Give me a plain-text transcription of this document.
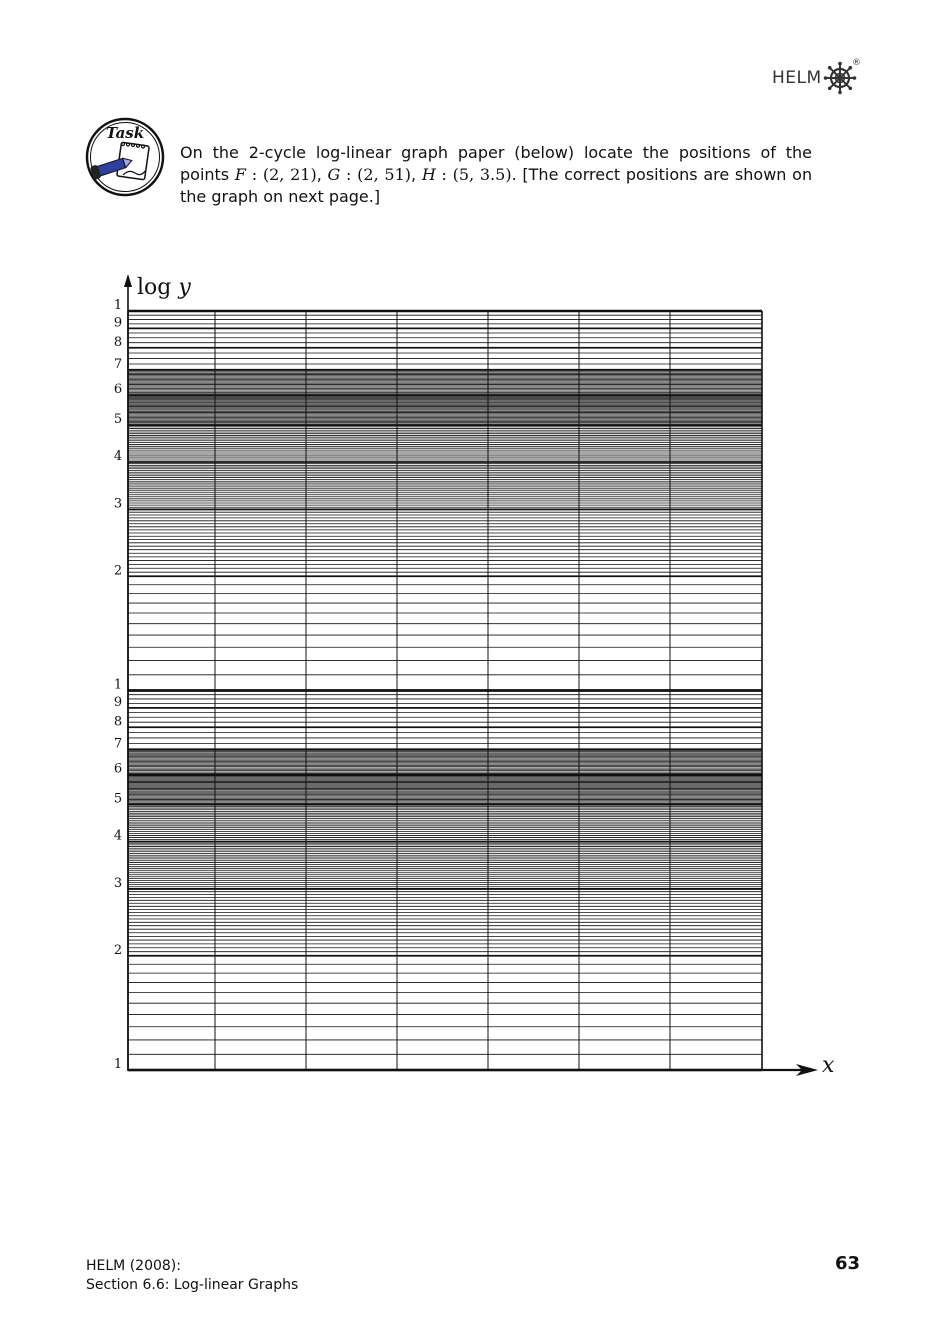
HELM
®
Task
On the 2-cycle log-linear graph paper (below) locate the positions of the points F : (2, 21), G : (2, 51), H : (5, 3.5). [The correct positions are shown on the graph on next page.]
1
2
3
4
5
6
7
8
9
1
2
3
4
5
6
7
8
9
1
log y
x
HELM (2008):
Section 6.6: Log-linear Graphs
63
